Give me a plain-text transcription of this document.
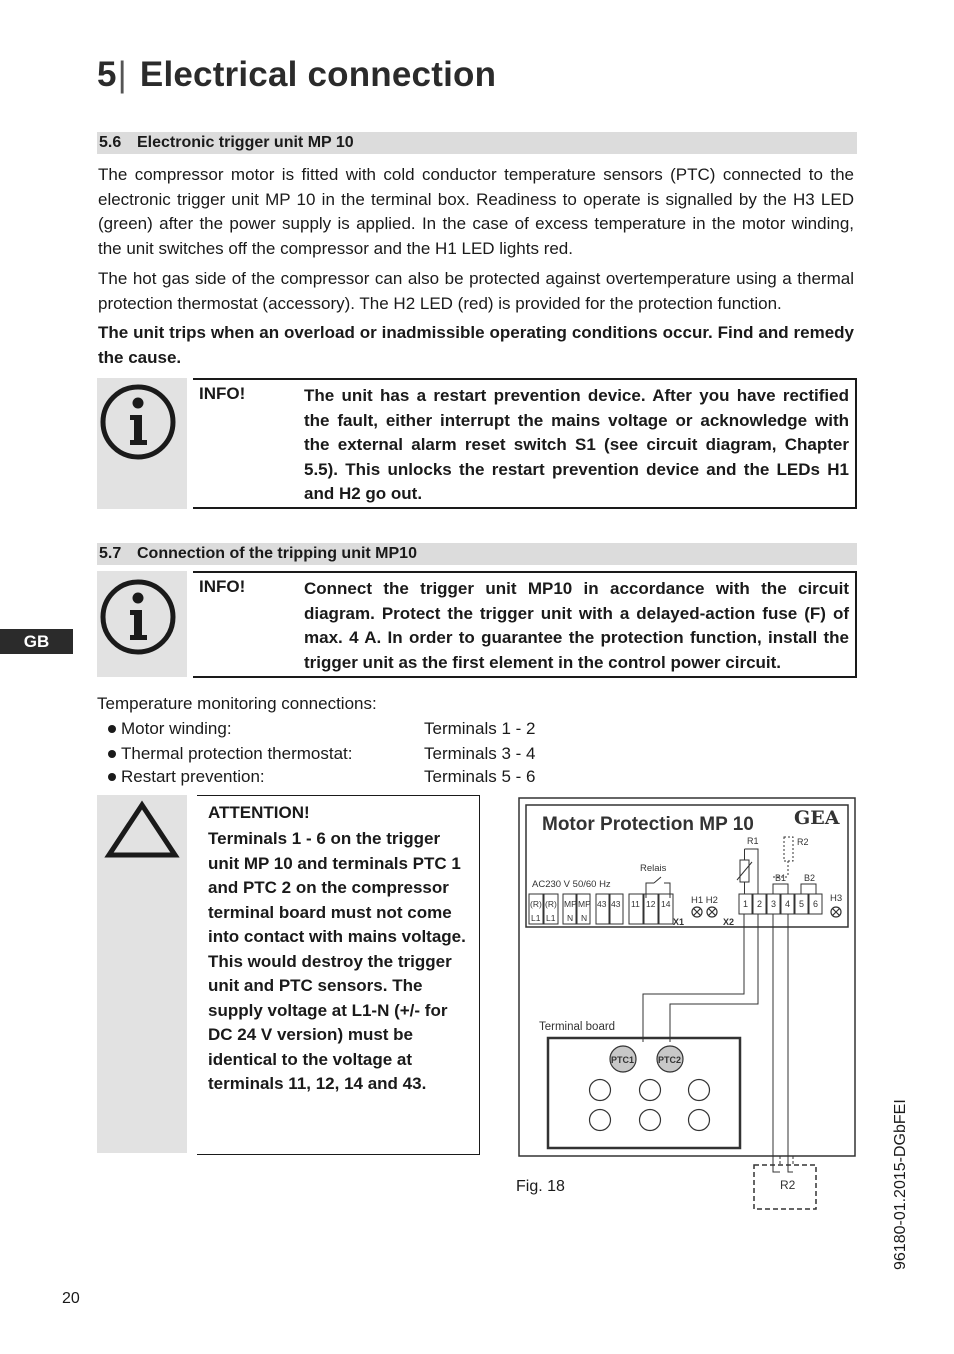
5| Electrical connection
5.6 Electronic trigger unit MP 10
The compressor motor is fitted with cold conductor temperature sensors (PTC) connected to the electronic trigger unit MP 10 in the terminal box. Readiness to operate is signalled by the H3 LED (green) after the power supply is applied. In the case of excess temperature in the motor winding, the unit switches off the compressor and the H1 LED lights red.
The hot gas side of the compressor can also be protected against overtemperature using a thermal protection thermostat (accessory). The H2 LED (red) is provided for the protection function.
The unit trips when an overload or inadmissible operating conditions occur. Find and remedy the cause.
INFO!	The unit has a restart prevention device. After you have rectified the fault, either interrupt the mains voltage or acknowledge with the external alarm reset switch S1 (see circuit diagram, Chapter 5.5). This unlocks the restart prevention device and the LEDs H1 and H2 go out.
5.7 Connection of the tripping unit MP10
INFO!	Connect the trigger unit MP10 in accordance with the circuit diagram. Protect the trigger unit with a delayed-action fuse (F) of max. 4 A. In order to guarantee the protection function, install the trigger unit as the first element in the control power circuit.
GB
Temperature monitoring connections:
Motor winding:	Terminals 1 - 2
Thermal protection thermostat:	Terminals 3 - 4
Restart prevention:	Terminals 5 - 6
ATTENTION!
Terminals 1 - 6 on the trigger unit MP 10 and terminals PTC 1 and PTC 2 on the compressor terminal board must not come into contact with mains voltage. This would destroy the trigger unit and PTC sensors. The supply voltage at L1-N (+/- for DC 24 V version) must be identical to the voltage at terminals 11, 12, 14 and 43.
Motor Protection MP 10 GEA
AC230 V 50/60 Hz
Relais
(R) (R) MP MP 43 43 11 12 14
L1 L1 N N
H1 H2
X1	X2
1 2 3 4 5 6 H3
R1	R2
B1 B2
Terminal board
PTC1	PTC2
R2
Fig. 18
20
96180-01.2015-DGbFEI
